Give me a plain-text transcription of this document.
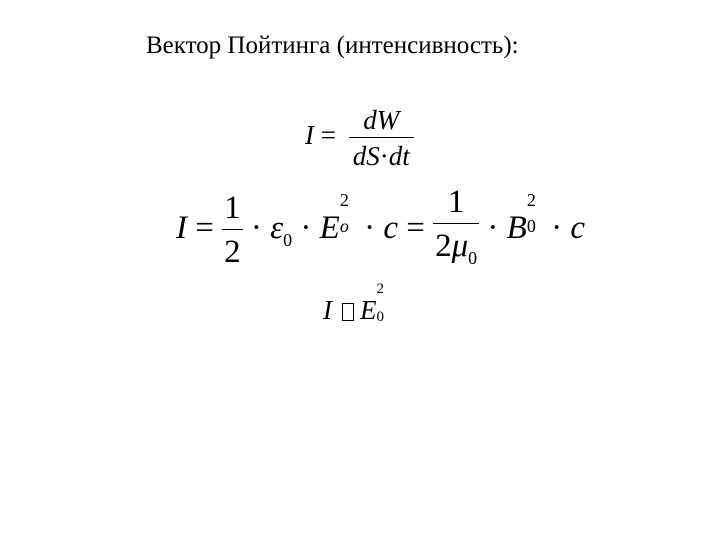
Вектор Пойтинга (интенсивность):
$I = \frac{dW}{dS\cdot dt}$
$I = \frac{1}{2} \cdot \varepsilon_0 \cdot E$
2
$o \cdot c = \frac{1}{2\mu_0} \cdot B$
2
0 · c
I E
2
0
